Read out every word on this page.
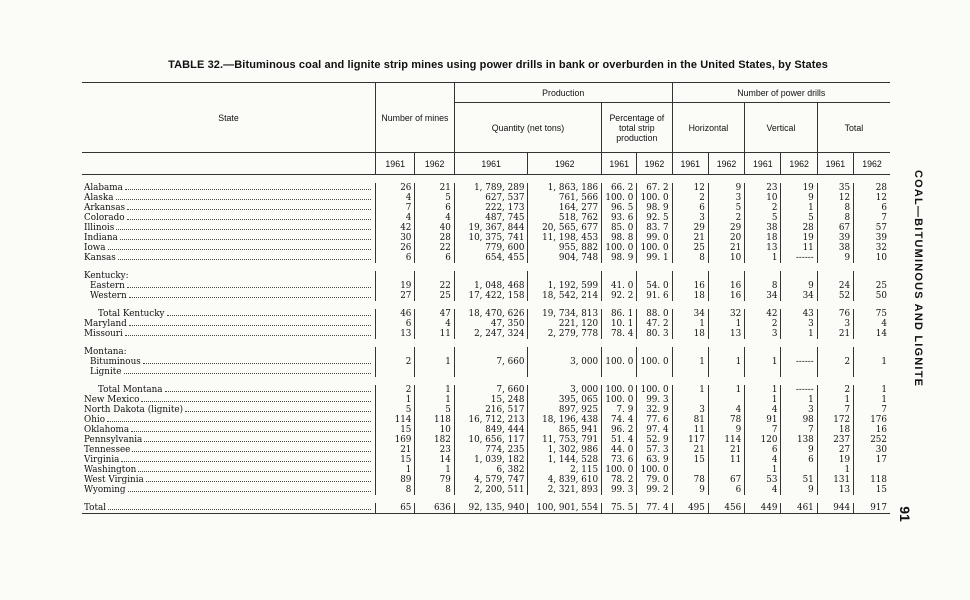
TABLE 32.—Bituminous coal and lignite strip mines using power drills in bank or overburden in the United States, by States
COAL—BITUMINOUS AND LIGNITE
91
State	Number of mines		Production				Number of power drills					
			Quantity (net tons)		Percentage of total strip production		Horizontal		Vertical		Total	

	1961	1962	1961	1962	1961	1962	1961	1962	1961	1962	1961	1962

Alabama	26	21	1, 789, 289	1, 863, 186	66. 2	67. 2	12	9	23	19	35	28

Alaska	4	5	627, 537	761, 566	100. 0	100. 0	2	3	10	9	12	12

Arkansas	7	6	222, 173	164, 277	96. 5	98. 9	6	5	2	1	8	6

Colorado	4	4	487, 745	518, 762	93. 6	92. 5	3	2	5	5	8	7

Illinois	42	40	19, 367, 844	20, 565, 677	85. 0	83. 7	29	29	38	28	67	57

Indiana	30	28	10, 375, 741	11, 198, 453	98. 8	99. 0	21	20	18	19	39	39

Iowa	26	22	779, 600	955, 882	100. 0	100. 0	25	21	13	11	38	32

Kansas	6	6	654, 455	904, 748	98. 9	99. 1	8	10	1	------	9	10

Kentucky:												

Eastern	19	22	1, 048, 468	1, 192, 599	41. 0	54. 0	16	16	8	9	24	25

Western	27	25	17, 422, 158	18, 542, 214	92. 2	91. 6	18	16	34	34	52	50

Total Kentucky	46	47	18, 470, 626	19, 734, 813	86. 1	88. 0	34	32	42	43	76	75

Maryland	6	4	47, 350	221, 120	10. 1	47. 2	1	1	2	3	3	4

Missouri	13	11	2, 247, 324	2, 279, 778	78. 4	80. 3	18	13	3	1	21	14

Montana:												

Bituminous	2	1	7, 660	3, 000	100. 0	100. 0	1	1	1	------	2	1

Lignite												

Total Montana	2	1	7, 660	3, 000	100. 0	100. 0	1	1	1	------	2	1

New Mexico	1	1	15, 248	395, 065	100. 0	99. 3			1	1	1	1

North Dakota (lignite)	5	5	216, 517	897, 925	7. 9	32. 9	3	4	4	3	7	7

Ohio	114	118	16, 712, 213	18, 196, 438	74. 4	77. 6	81	78	91	98	172	176

Oklahoma	15	10	849, 444	865, 941	96. 2	97. 4	11	9	7	7	18	16

Pennsylvania	169	182	10, 656, 117	11, 753, 791	51. 4	52. 9	117	114	120	138	237	252

Tennessee	21	23	774, 235	1, 302, 986	44. 0	57. 3	21	21	6	9	27	30

Virginia	15	14	1, 039, 182	1, 144, 528	73. 6	63. 9	15	11	4	6	19	17

Washington	1	1	6, 382	2, 115	100. 0	100. 0			1		1	

West Virginia	89	79	4, 579, 747	4, 839, 610	78. 2	79. 0	78	67	53	51	131	118

Wyoming	8	8	2, 200, 511	2, 321, 893	99. 3	99. 2	9	6	4	9	13	15

Total	65	636	92, 135, 940	100, 901, 554	75. 5	77. 4	495	456	449	461	944	917
